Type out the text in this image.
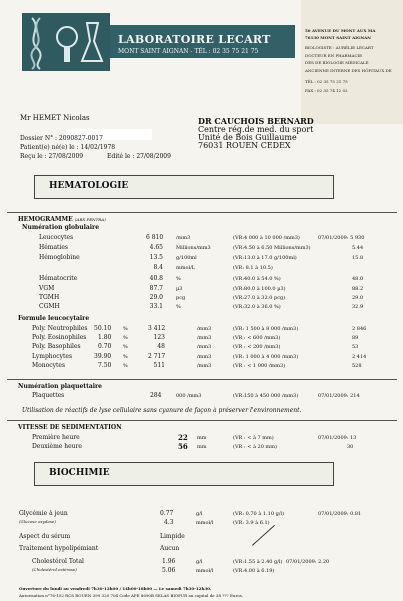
LABORATOIRE LECART
MONT SAINT AIGNAN - TÉL : 02 35 75 21 75
50 AVENUE DU MONT AUX MA
76130 MONT SAINT AIGNAN
BIOLOGISTE : AURÉLIE LECART
DOCTEUR EN PHARMACIE
DÉS DE BIOLOGIE MÉDICALE
ANCIENNE INTERNE DES HÔPITAUX DE
TÉL : 02 35 75 21 75
FAX : 02 35 74 12 02
Mr HEMET Nicolas
Dossier N° : 2090827-0017
Patient(e) né(e) le : 14/02/1978
Reçu le : 27/08/2009	Edité le : 27/08/2009
DR CAUCHOIS BERNARD
Centre rég.de med. du sport
Unité de Bois Guillaume
76031 ROUEN CEDEX
HEMATOLOGIE
HEMOGRAMME (ABX PENTRA)
Numération globulaire
Leucocytes	6 810	/mm3	(VR:4 000 à 10 000 /mm3)	07/01/2009: 5 930
Hématies	4.65	Millions/mm3	(VR:4.50 à 6.50 Millions/mm3)	5.44
Hémoglobine	13.5	g/100ml	(VR:13.0 à 17.0 g/100ml)	15.8
8.4	mmol/L	(VR: 8.1 à 10.5)
Hématocrite	40.8	%	(VR:40.0 à 54.0 %)	48.0
VGM	87.7	µ3	(VR:80.0 à 100.0 µ3)	88.2
TGMH	29.0	pcg	(VR:27.0 à 32.0 pcg)	29.0
CGMH	33.1	%	(VR:32.0 à 36.0 %)	32.9
Formule leucocytaire
Poly. Neutrophiles 50.10 %	3 412	/mm3	(VR: 1 500 à 8 000 /mm3)	2 846
Poly. Eosinophiles 1.80 %	123	/mm3	(VR : < 600 /mm3)	89
Poly. Basophiles	0.70 %	48	/mm3	(VR : < 200 /mm3)	53
Lymphocytes	39.90 %	2 717	/mm3	(VR: 1 000 à 4 000 /mm3)	2 414
Monocytes	7.50 %	511	/mm3	(VR : < 1 000 /mm3)	528
Numération plaquettaire
Plaquettes	284	000 /mm3	(VR:150 à 450 000 /mm3)	07/01/2009: 214
Utilisation de réactifs de lyse cellulaire sans cyanure de façon à préserver l'environnement.
VITESSE DE SEDIMENTATION
Première heure	22 mm	(VR : < à 7 mm)	07/01/2009: 13
Deuxième heure	56 mm	(VR : < à 20 mm)	30
BIOCHIMIE
Glycémie à jeun
(Glucose oxydase)
0.77	g/l	(VR: 0.70 à 1.10 g/l)	07/01/2009: 0.81
4.3	mmol/l	(VR: 3.9 à 6.1)
Aspect du sérum	Limpide
Traitement hypolipémiant	Aucun
Cholestérol Total
(Cholestérol estérase)
1.96	g/l	(VR:1.55 à 2.40 g/l) 07/01/2009: 2.20
5.06	mmol/l	(VR:4.00 à 6.19)
Ouverture du lundi au vendredi 7h30-12h00 / 14h00-18h00 — Le samedi 7h30-12h30.
Autorisation n°76-152 RCS ROUEN 399 320 704 Code APE 8690B SELAS BIOPUR au capital de 38 ??? Euros.
